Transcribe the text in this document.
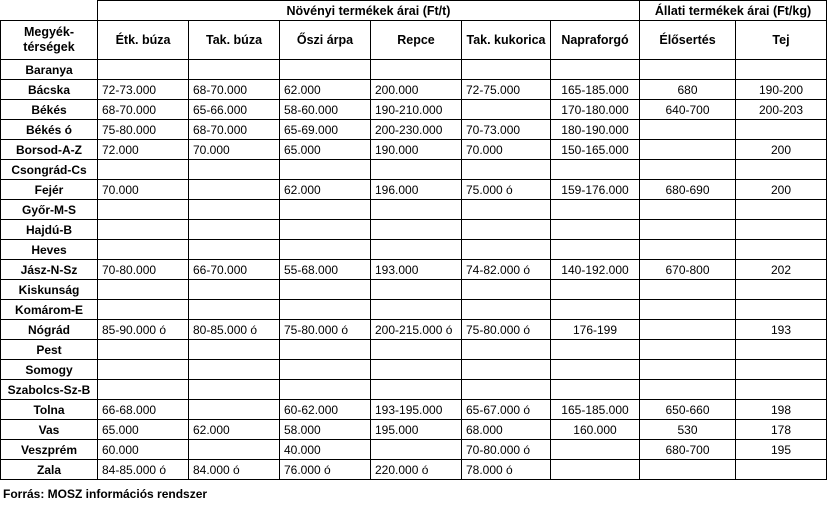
	Növényi termékek árai (Ft/t)						Állati termékek árai (Ft/kg)	
Megyék-
térségek	Étk. búza	Tak. búza	Őszi árpa	Repce	Tak. kukorica	Napraforgó	Élősertés	Tej
Baranya								
Bácska	72-73.000	68-70.000	62.000	200.000	72-75.000	165-185.000	680	190-200
Békés	68-70.000	65-66.000	58-60.000	190-210.000		170-180.000	640-700	200-203
Békés ó	75-80.000	68-70.000	65-69.000	200-230.000	70-73.000	180-190.000		
Borsod-A-Z	72.000	70.000	65.000	190.000	70.000	150-165.000		200
Csongrád-Cs								
Fejér	70.000		62.000	196.000	75.000 ó	159-176.000	680-690	200
Győr-M-S								
Hajdú-B								
Heves								
Jász-N-Sz	70-80.000	66-70.000	55-68.000	193.000	74-82.000 ó	140-192.000	670-800	202
Kiskunság								
Komárom-E								
Nógrád	85-90.000 ó	80-85.000 ó	75-80.000 ó	200-215.000 ó	75-80.000 ó	176-199		193
Pest								
Somogy								
Szabolcs-Sz-B								
Tolna	66-68.000		60-62.000	193-195.000	65-67.000 ó	165-185.000	650-660	198
Vas	65.000	62.000	58.000	195.000	68.000	160.000	530	178
Veszprém	60.000		40.000		70-80.000 ó		680-700	195
Zala	84-85.000 ó	84.000 ó	76.000 ó	220.000 ó	78.000 ó			
Forrás: MOSZ információs rendszer
